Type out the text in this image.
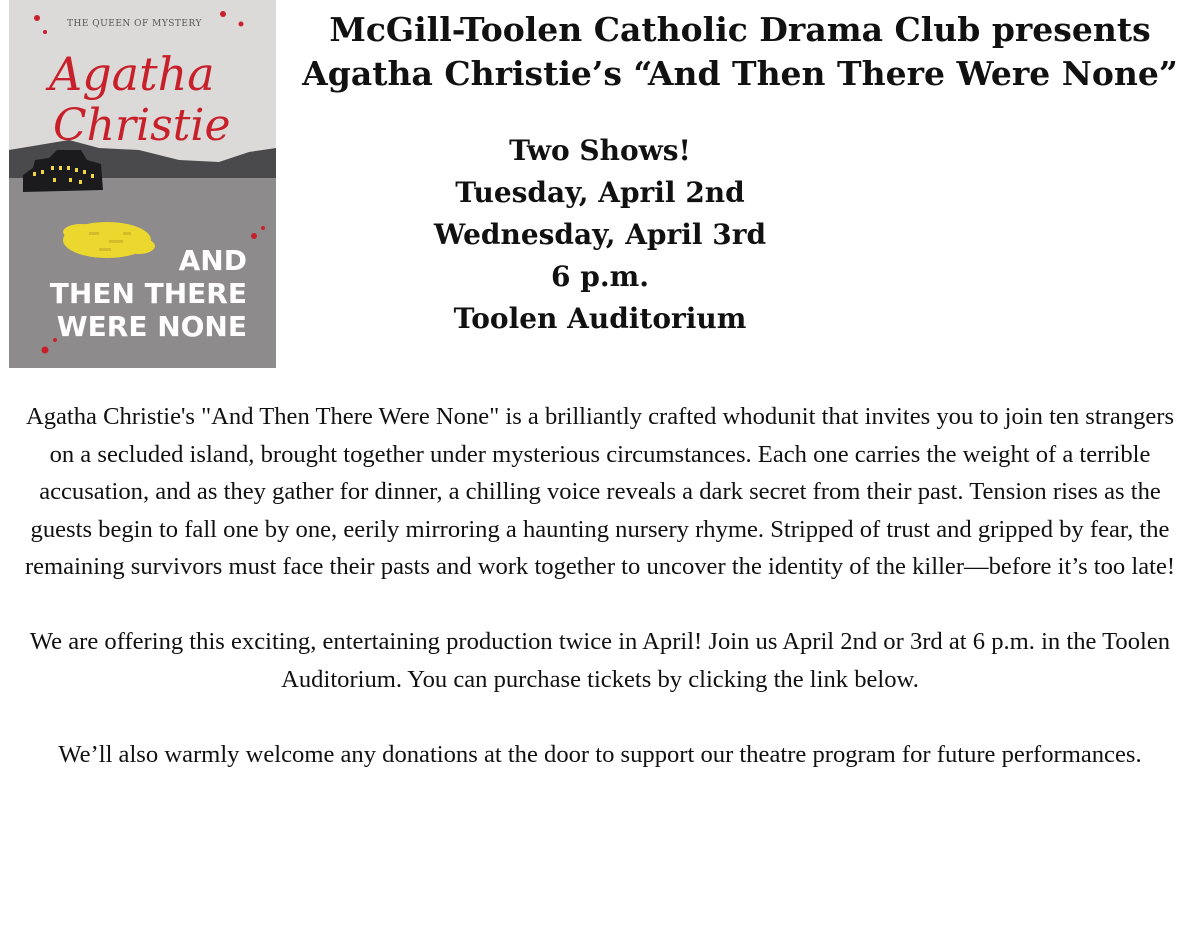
THE QUEEN OF MYSTERY
Agatha
Christie
AND
THEN THERE
WERE NONE
McGill-Toolen Catholic Drama Club presents
Agatha Christie’s “And Then There Were None”
Two Shows!
Tuesday, April 2nd
Wednesday, April 3rd
6 p.m.
Toolen Auditorium

Agatha Christie's "And Then There Were None" is a brilliantly crafted whodunit that invites you to join ten strangers on a secluded island, brought together under mysterious circumstances. Each one carries the weight of a terrible accusation, and as they gather for dinner, a chilling voice reveals a dark secret from their past. Tension rises as the guests begin to fall one by one, eerily mirroring a haunting nursery rhyme. Stripped of trust and gripped by fear, the remaining survivors must face their pasts and work together to uncover the identity of the killer—before it’s too late!

We are offering this exciting, entertaining production twice in April! Join us April 2nd or 3rd at 6 p.m. in the Toolen Auditorium. You can purchase tickets by clicking the link below.

We’ll also warmly welcome any donations at the door to support our theatre program for future performances.
